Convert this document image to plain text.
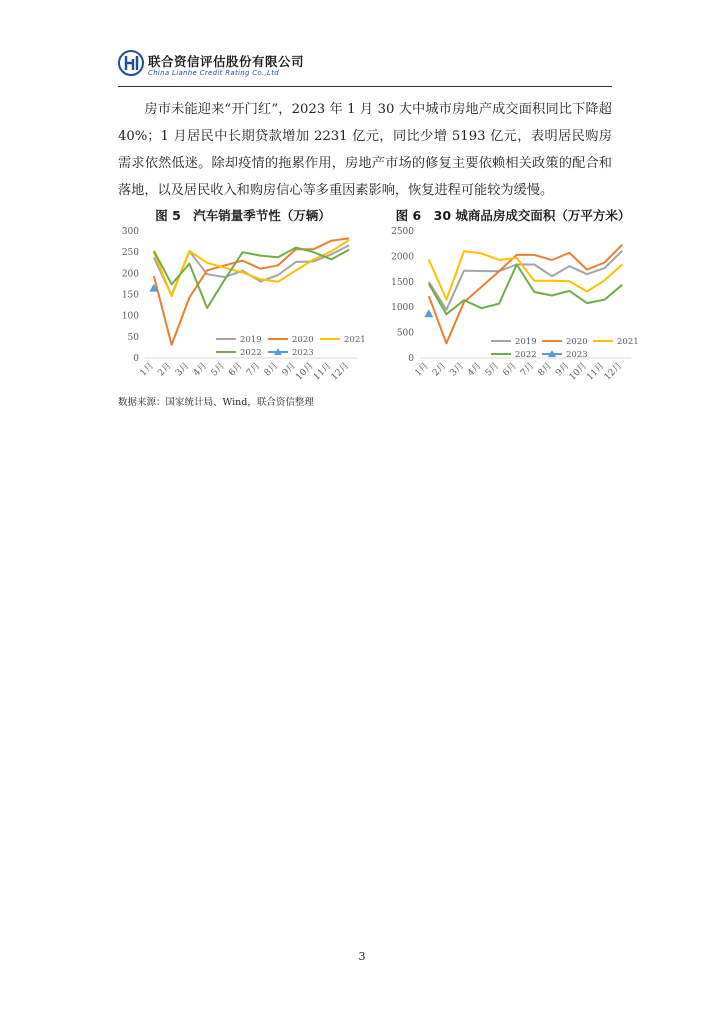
联合资信评估股份有限公司
China Lianhe Credit Rating Co.,Ltd

房市未能迎来“开门红”，2023 年 1 月 30 大中城市房地产成交面积同比下降超 40%；1 月居民中长期贷款增加 2231 亿元，同比少增 5193 亿元，表明居民购房需求依然低迷。除却疫情的拖累作用，房地产市场的修复主要依赖相关政策的配合和落地，以及居民收入和购房信心等多重因素影响，恢复进程可能较为缓慢。

图 5　汽车销量季节性（万辆）
0
50
100
150
200
250
300
1月 2月 3月 4月 5月 6月 7月 8月 9月
10月
11月
12月
2019	2020	2021
2022	2023
图 6　30 城商品房成交面积（万平方米）
0
500
1000
1500
2000
2500
1月 2月 3月 4月 5月 6月 7月 8月 9月
10月
11月
12月
2019	2020	2021
2022	2023
数据来源：国家统计局、Wind，联合资信整理
3
